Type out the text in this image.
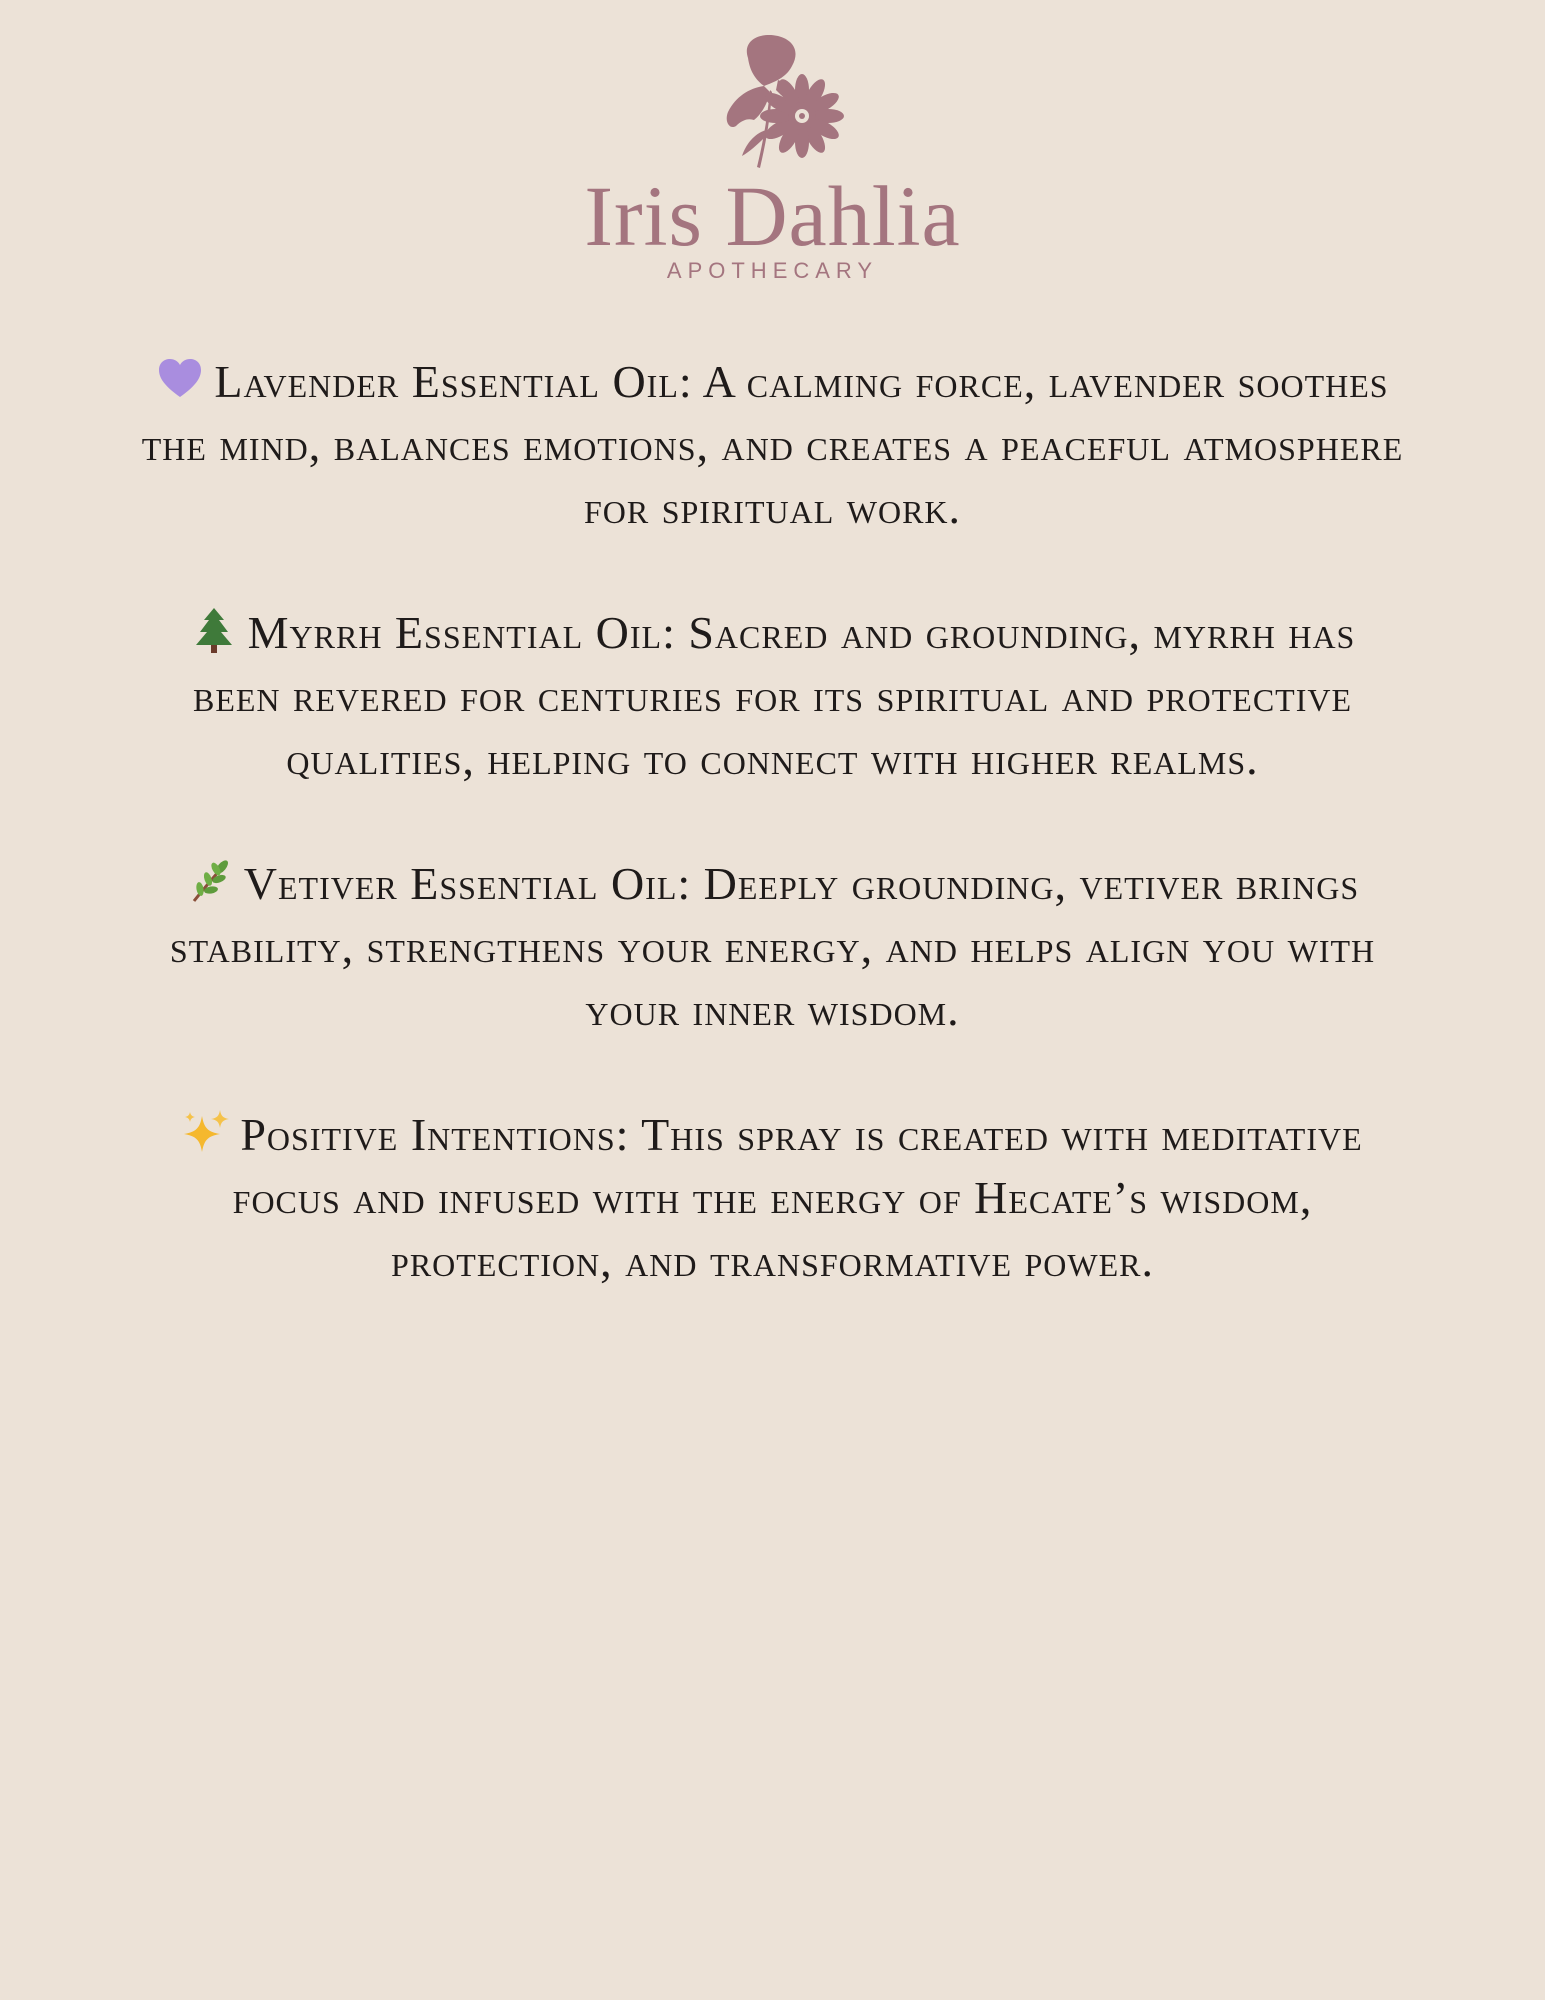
Iris Dahlia
APOTHECARY

Lavender Essential Oil: A calming force, lavender soothes the mind, balances emotions, and creates a peaceful atmosphere for spiritual work.

Myrrh Essential Oil: Sacred and grounding, myrrh has been revered for centuries for its spiritual and protective qualities, helping to connect with higher realms.

Vetiver Essential Oil: Deeply grounding, vetiver brings stability, strengthens your energy, and helps align you with your inner wisdom.

Positive Intentions: This spray is created with meditative focus and infused with the energy of Hecate’s wisdom, protection, and transformative power.
